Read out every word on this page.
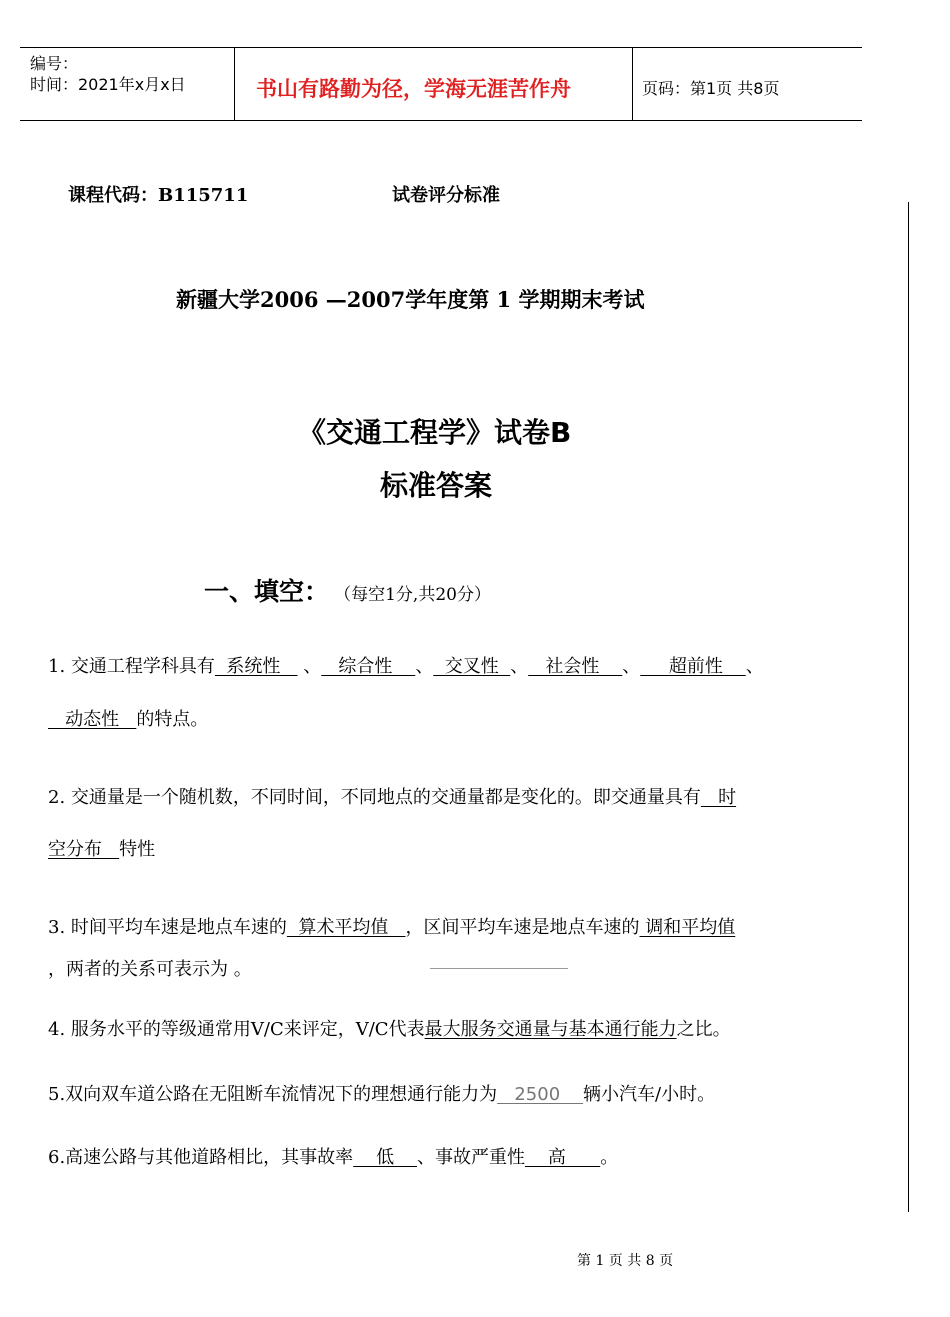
编号：
时间：2021年x月x日	书山有路勤为径，学海无涯苦作舟	页码：第1页 共8页
课程代码：B115711	试卷评分标准
新疆大学2006 —2007学年度第 1 学期期末考试
《交通工程学》试卷B
标准答案
一、填空： （每空1分,共20分）
1. 交通工程学科具有  系统性    、   综合性    、  交叉性  、   社会性    、     超前性    、
动态性   的特点。
2. 交通量是一个随机数，不同时间，不同地点的交通量都是变化的。即交通量具有   时
空分布   特性
3. 时间平均车速是地点车速的  算术平均值   ，区间平均车速是地点车速的 调和平均值
，两者的关系可表示为 。
4. 服务水平的等级通常用V/C来评定，V/C代表最大服务交通量与基本通行能力之比。
5.双向双车道公路在无阻断车流情况下的理想通行能力为   2500    辆小汽车/小时。
6.高速公路与其他道路相比，其事故率    低    、事故严重性    高      。
第 1 页 共 8 页
